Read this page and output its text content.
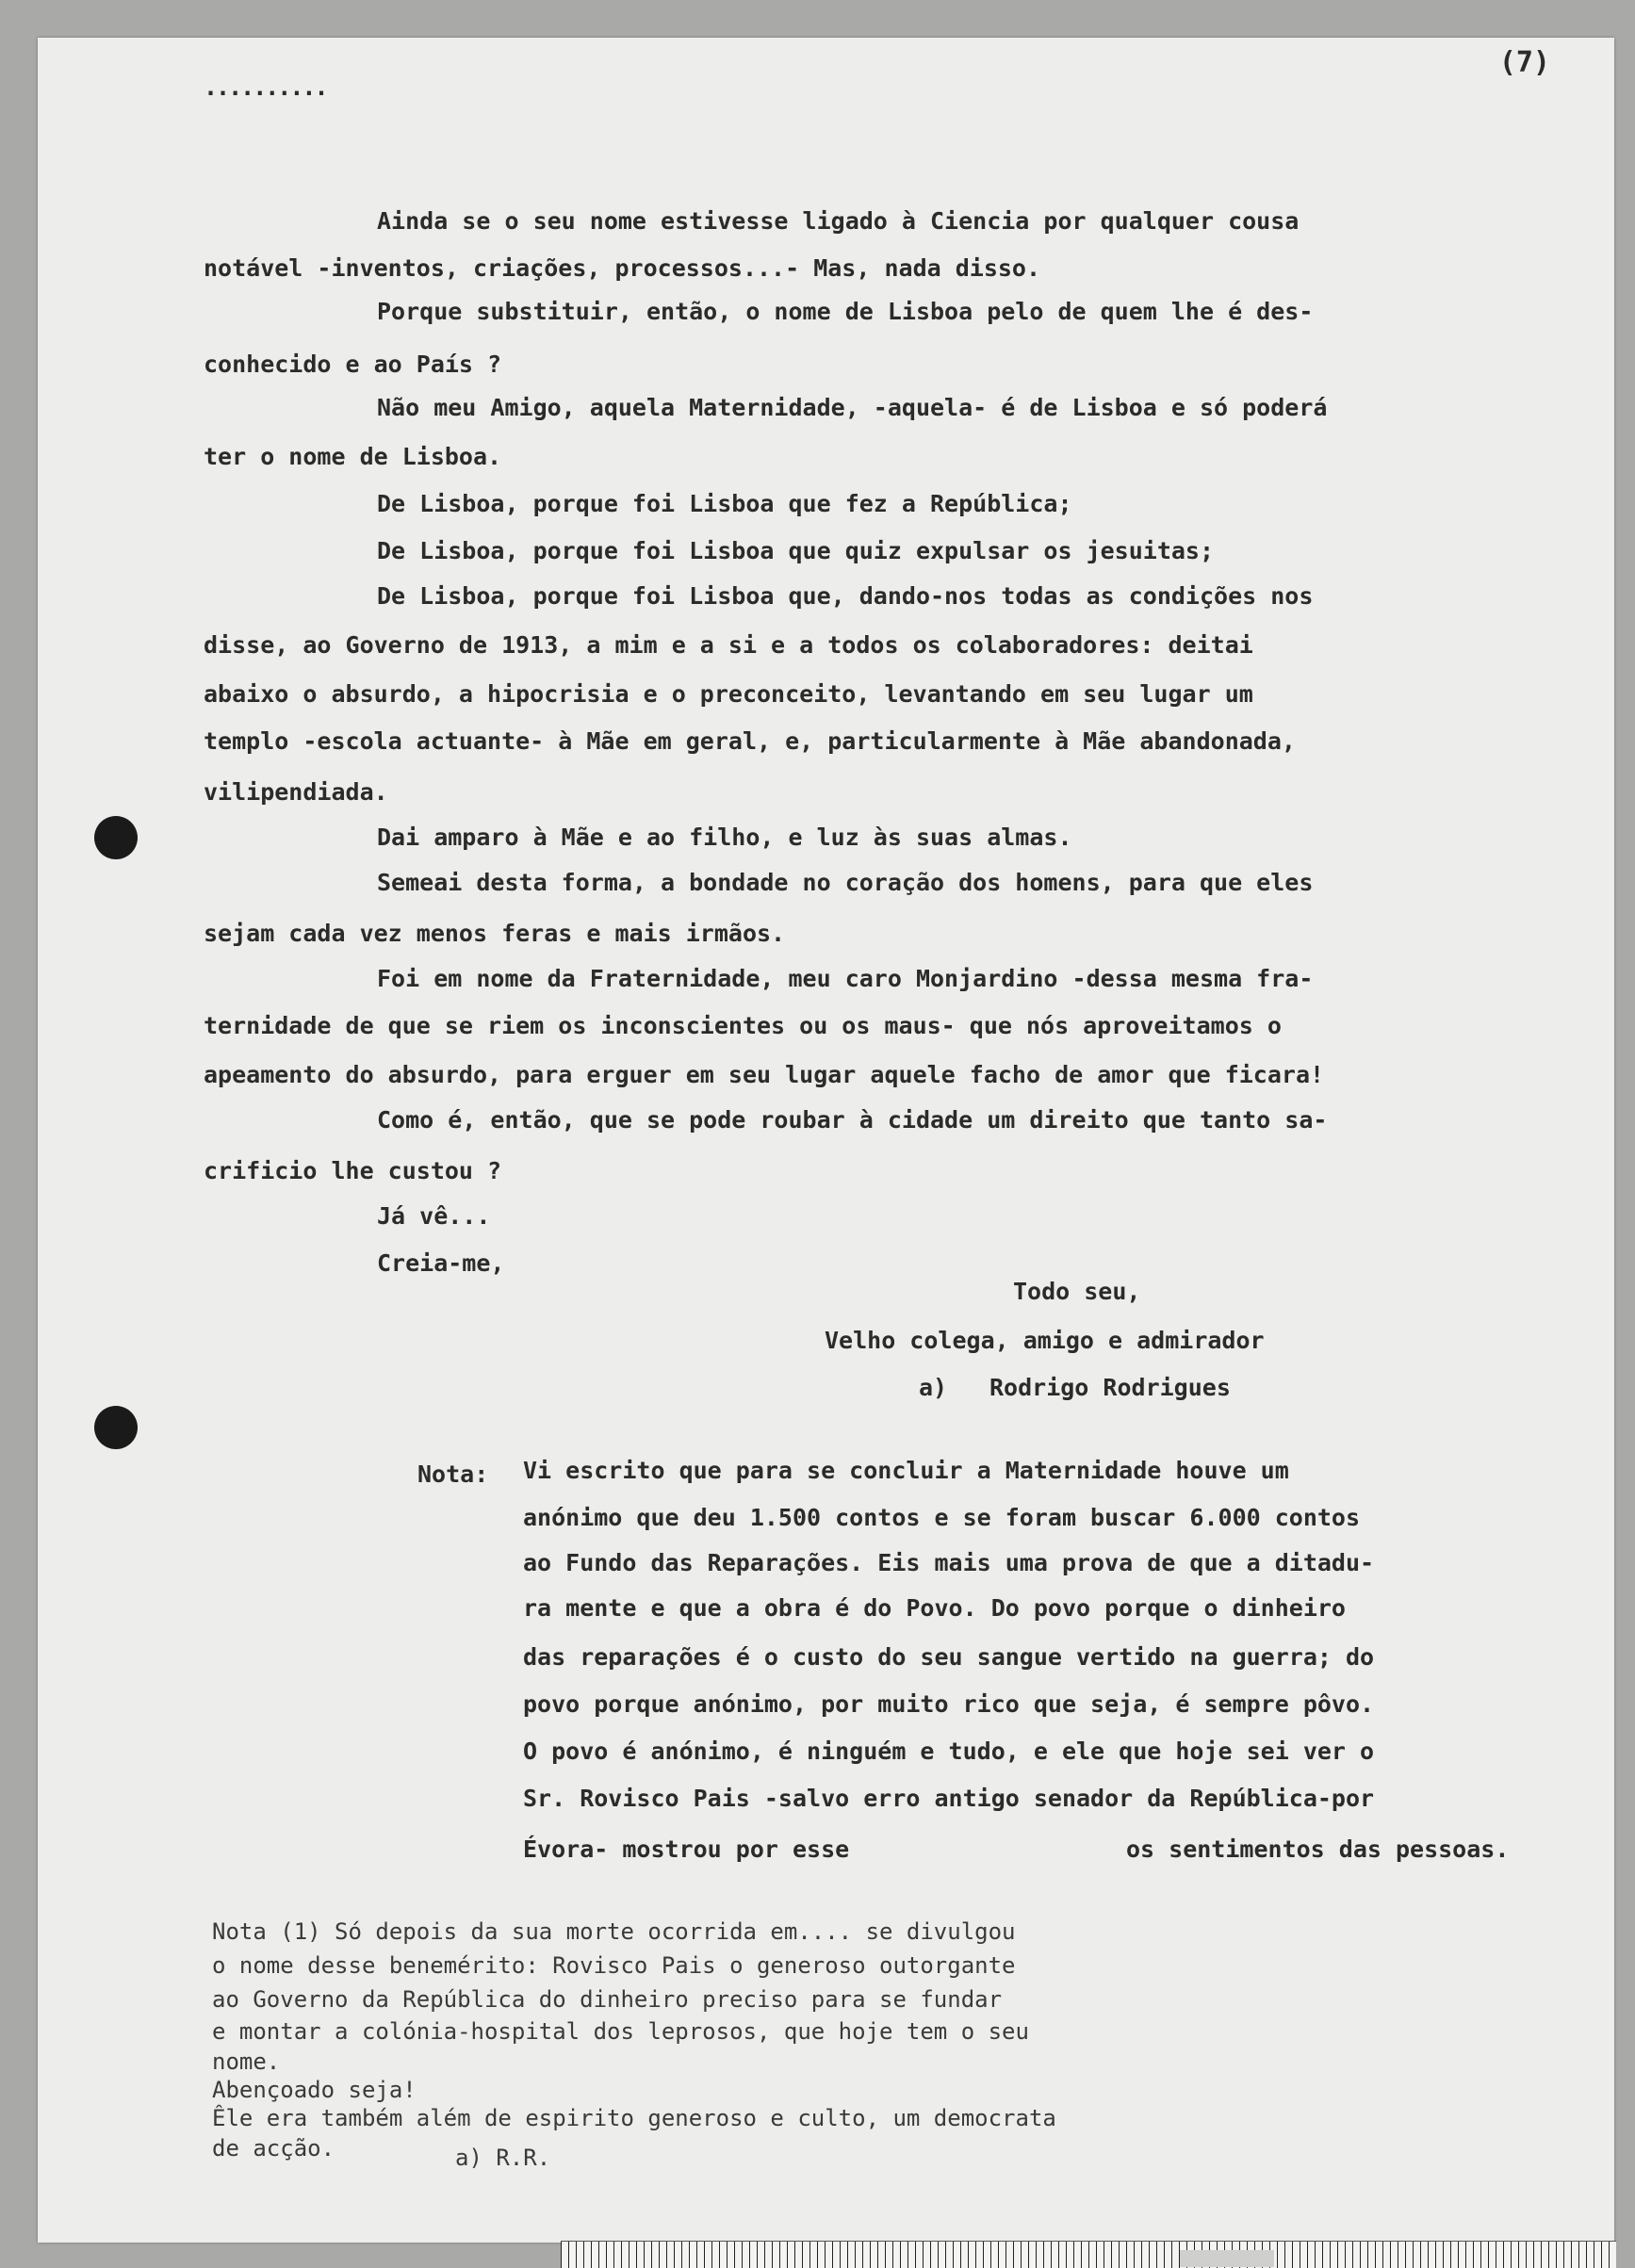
..........
(7)
Ainda se o seu nome estivesse ligado à Ciencia por qualquer cousa
notável -inventos, criações, processos...- Mas, nada disso.
Porque substituir, então, o nome de Lisboa pelo de quem lhe é des-
conhecido e ao País ?
Não meu Amigo, aquela Maternidade, -aquela- é de Lisboa e só poderá
ter o nome de Lisboa.
De Lisboa, porque foi Lisboa que fez a República;
De Lisboa, porque foi Lisboa que quiz expulsar os jesuitas;
De Lisboa, porque foi Lisboa que, dando-nos todas as condições nos
disse, ao Governo de 1913, a mim e a si e a todos os colaboradores: deitai
abaixo o absurdo, a hipocrisia e o preconceito, levantando em seu lugar um
templo -escola actuante- à Mãe em geral, e, particularmente à Mãe abandonada,
vilipendiada.
Dai amparo à Mãe e ao filho, e luz às suas almas.
Semeai desta forma, a bondade no coração dos homens, para que eles
sejam cada vez menos feras e mais irmãos.
Foi em nome da Fraternidade, meu caro Monjardino -dessa mesma fra-
ternidade de que se riem os inconscientes ou os maus- que nós aproveitamos o
apeamento do absurdo, para erguer em seu lugar aquele facho de amor que ficara!
Como é, então, que se pode roubar à cidade um direito que tanto sa-
crificio lhe custou ?
Já vê...
Creia-me,
Todo seu,
Velho colega, amigo e admirador
a) Rodrigo Rodrigues
Nota: Vi escrito que para se concluir a Maternidade houve um
anónimo que deu 1.500 contos e se foram buscar 6.000 contos
ao Fundo das Reparações. Eis mais uma prova de que a ditadu-
ra mente e que a obra é do Povo. Do povo porque o dinheiro
das reparações é o custo do seu sangue vertido na guerra; do
povo porque anónimo, por muito rico que seja, é sempre pôvo.
O povo é anónimo, é ninguém e tudo, e ele que hoje sei ver o
Sr. Rovisco Pais -salvo erro antigo senador da República-por
Évora- mostrou por esse	os sentimentos das pessoas.
Nota (1) Só depois da sua morte ocorrida em.... se divulgou
o nome desse benemérito: Rovisco Pais o generoso outorgante
ao Governo da República do dinheiro preciso para se fundar
e montar a colónia-hospital dos leprosos, que hoje tem o seu
nome.
Abençoado seja!
Êle era também além de espirito generoso e culto, um democrata
de acção.	a) R.R.
